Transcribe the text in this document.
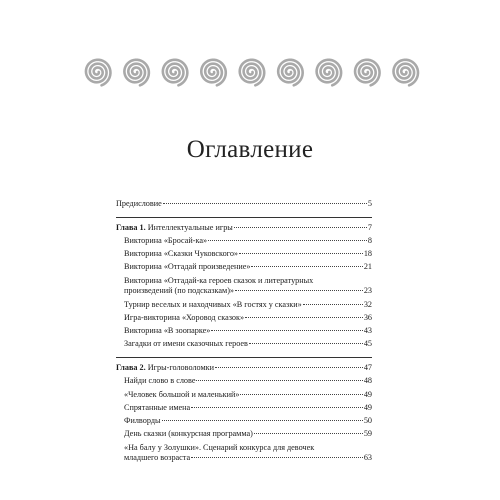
Оглавление
Предисловие	5
Глава 1. Интеллектуальные игры	7
Викторина «Бросай-ка»	8
Викторина «Сказки Чуковского»	18
Викторина «Отгадай произведение»	21
Викторина «Отгадай-ка героев сказок и литературных
произведений (по подсказкам)»	23
Турнир веселых и находчивых «В гостях у сказки»	32
Игра-викторина «Хоровод сказок»	36
Викторина «В зоопарке»	43
Загадки от имени сказочных героев	45
Глава 2. Игры-головоломки	47
Найди слово в слове	48
«Человек большой и маленький»	49
Спрятанные имена	49
Филворды	50
День сказки (конкурсная программа)	59
«На балу у Золушки». Сценарий конкурса для девочек
младшего возраста	63
